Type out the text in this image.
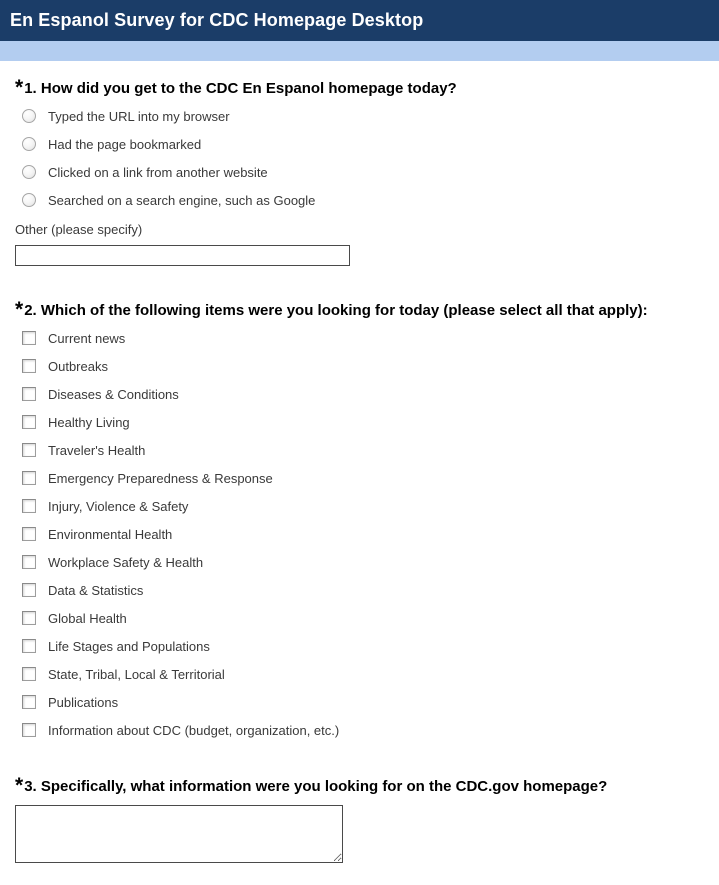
En Espanol Survey for CDC Homepage Desktop
* 1. How did you get to the CDC En Espanol homepage today?
Typed the URL into my browser
Had the page bookmarked
Clicked on a link from another website
Searched on a search engine, such as Google
Other (please specify)
* 2. Which of the following items were you looking for today (please select all that apply):
Current news
Outbreaks
Diseases & Conditions
Healthy Living
Traveler's Health
Emergency Preparedness & Response
Injury, Violence & Safety
Environmental Health
Workplace Safety & Health
Data & Statistics
Global Health
Life Stages and Populations
State, Tribal, Local & Territorial
Publications
Information about CDC (budget, organization, etc.)
* 3. Specifically, what information were you looking for on the CDC.gov homepage?
